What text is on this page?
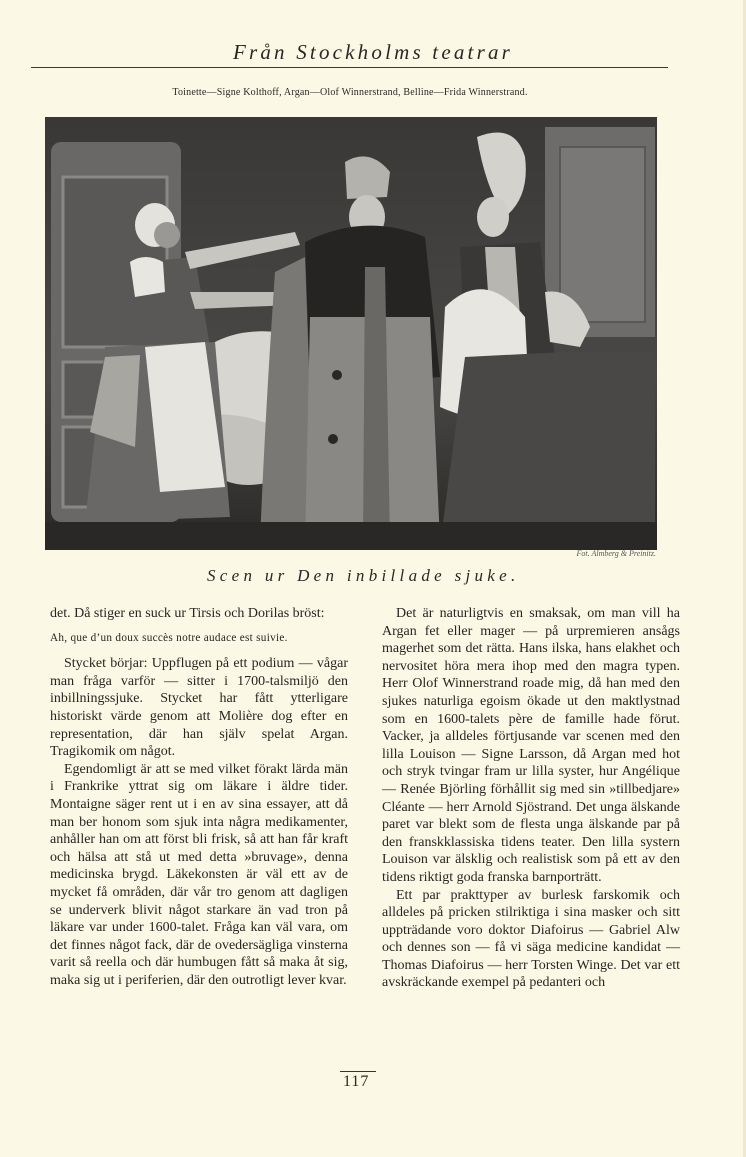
Från Stockholms teatrar
Toinette—Signe Kolthoff, Argan—Olof Winnerstrand, Belline—Frida Winnerstrand.
Fot. Almberg & Preinitz.
Scen ur Den inbillade sjuke.

det. Då stiger en suck ur Tirsis och Dorilas bröst:

Ah, que d’un doux succès notre audace est suivie.

Stycket börjar: Uppflugen på ett podium — vågar man fråga varför — sitter i 1700-talsmiljö den inbillningssjuke. Stycket har fått ytterligare historiskt värde genom att Molière dog efter en representation, där han själv spelat Argan. Tragikomik om något.

Egendomligt är att se med vilket förakt lärda män i Frankrike yttrat sig om läkare i äldre tider. Montaigne säger rent ut i en av sina essayer, att då man ber honom som sjuk inta några medikamenter, anhåller han om att först bli frisk, så att han får kraft och hälsa att stå ut med detta »bruvage», denna medicinska brygd. Läkekonsten är väl ett av de mycket få områden, där vår tro genom att dagligen se underverk blivit något starkare än vad tron på läkare var under 1600-talet. Fråga kan väl vara, om det finnes något fack, där de ovedersägliga vinsterna varit så reella och där humbugen fått så maka åt sig, maka sig ut i periferien, där den outrotligt lever kvar.

Det är naturligtvis en smaksak, om man vill ha Argan fet eller mager — på urpremieren ansågs magerhet som det rätta. Hans ilska, hans elakhet och nervositet höra mera ihop med den magra typen. Herr Olof Winnerstrand roade mig, då han med den sjukes naturliga egoism ökade ut den maktlystnad som en 1600-talets père de famille hade förut. Vacker, ja alldeles förtjusande var scenen med den lilla Louison — Signe Larsson, då Argan med hot och stryk tvingar fram ur lilla syster, hur Angélique — Renée Björling förhållit sig med sin »tillbedjare» Cléante — herr Arnold Sjöstrand. Det unga älskande paret var blekt som de flesta unga älskande par på den franskklassiska tidens teater. Den lilla systern Louison var älsklig och realistisk som på ett av den tidens riktigt goda franska barnporträtt.

Ett par prakttyper av burlesk farskomik och alldeles på pricken stilriktiga i sina masker och sitt uppträdande voro doktor Diafoirus — Gabriel Alw och dennes son — få vi säga medicine kandidat — Thomas Diafoirus — herr Torsten Winge. Det var ett avskräckande exempel på pedanteri och

117
